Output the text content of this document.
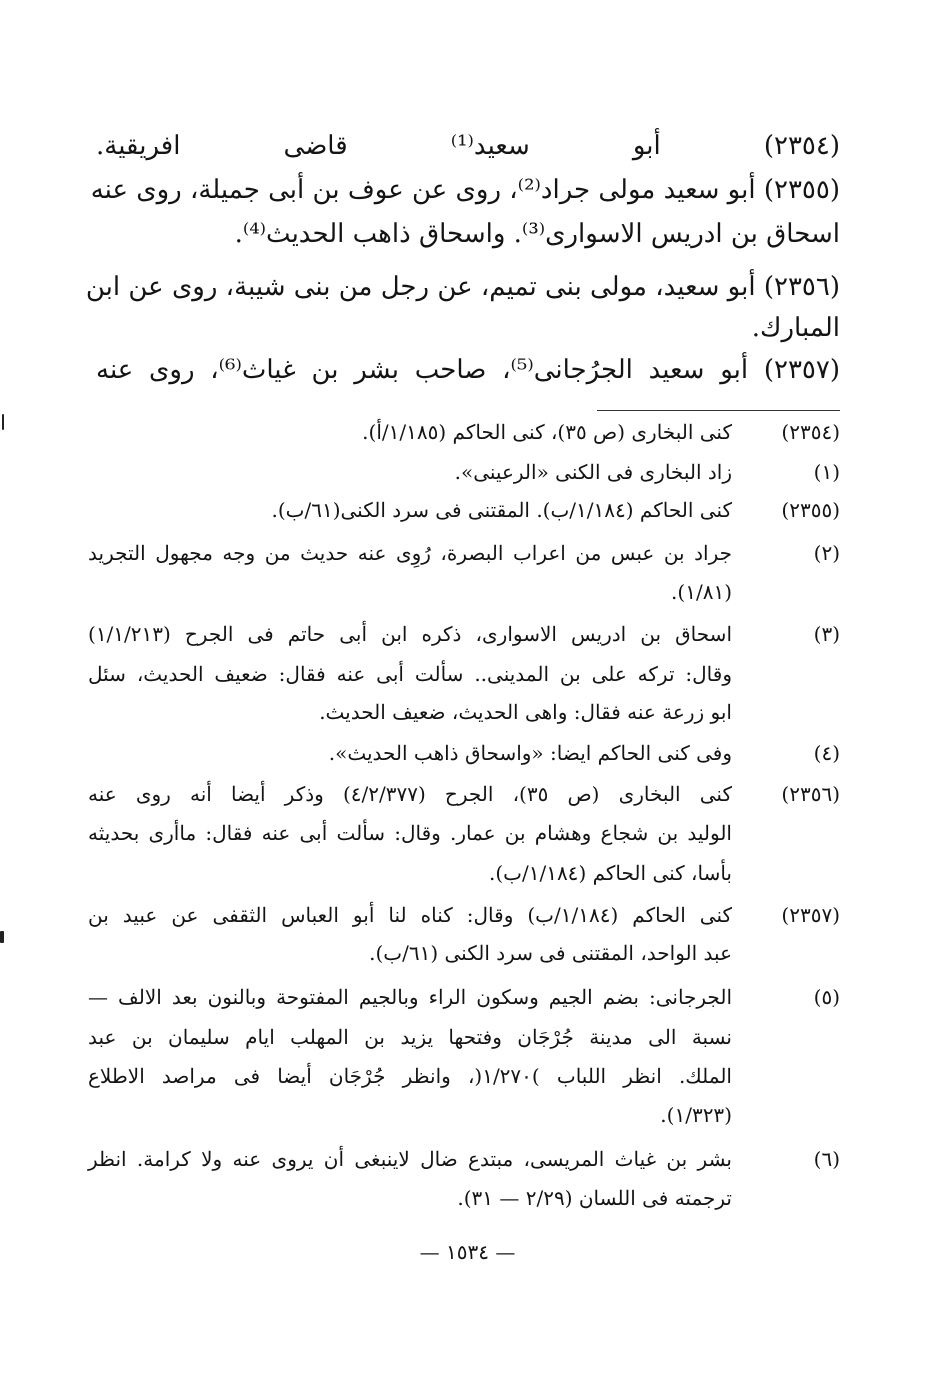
(٢٣٥٤) أبو سعيد⁽¹⁾ قاضى افريقية.
(٢٣٥٥) أبو سعيد مولى جراد⁽²⁾، روى عن عوف بن أبى جميلة، روى عنه
اسحاق بن ادريس الاسوارى⁽³⁾. واسحاق ذاهب الحديث⁽⁴⁾.
(٢٣٥٦) أبو سعيد، مولى بنى تميم، عن رجل من بنى شيبة، روى عن ابن
المبارك.
(٢٣٥٧) أبو سعيد الجرُجانى⁽⁵⁾، صاحب بشر بن غياث⁽⁶⁾، روى عنه
(٢٣٥٤)
كنى البخارى (ص ٣٥)، كنى الحاكم (١/١٨٥/أ).
(١)
زاد البخارى فى الكنى «الرعينى».
(٢٣٥٥)
كنى الحاكم (١/١٨٤/ب). المقتنى فى سرد الكنى(٦١/ب).
(٢)
جراد بن عبس من اعراب البصرة، رُوِى عنه حديث من وجه مجهول التجريد
(١/٨١).
(٣)
اسحاق بن ادريس الاسوارى، ذكره ابن أبى حاتم فى الجرح (١/١/٢١٣)
وقال: تركه على بن المدينى.. سألت أبى عنه فقال: ضعيف الحديث، سئل
ابو زرعة عنه فقال: واهى الحديث، ضعيف الحديث.
(٤)
وفى كنى الحاكم ايضا: «واسحاق ذاهب الحديث».
(٢٣٥٦)
كنى البخارى (ص ٣٥)، الجرح (٤/٢/٣٧٧) وذكر أيضا أنه روى عنه
الوليد بن شجاع وهشام بن عمار. وقال: سألت أبى عنه فقال: ماأرى بحديثه
بأسا، كنى الحاكم (١/١٨٤/ب).
(٢٣٥٧)
كنى الحاكم (١/١٨٤/ب) وقال: كناه لنا أبو العباس الثقفى عن عبيد بن
عبد الواحد، المقتنى فى سرد الكنى (٦١/ب).
(٥)
الجرجانى: بضم الجيم وسكون الراء وبالجيم المفتوحة وبالنون بعد الالف —
نسبة الى مدينة جُرْجَان وفتحها يزيد بن المهلب ايام سليمان بن عبد
الملك. انظر اللباب )١/٢٧٠(، وانظر جُرْجَان أيضا فى مراصد الاطلاع
(١/٣٢٣).
(٦)
بشر بن غياث المريسى، مبتدع ضال لاينبغى أن يروى عنه ولا كرامة. انظر
ترجمته فى اللسان (٢/٢٩ — ٣١).
— ١٥٣٤ —
